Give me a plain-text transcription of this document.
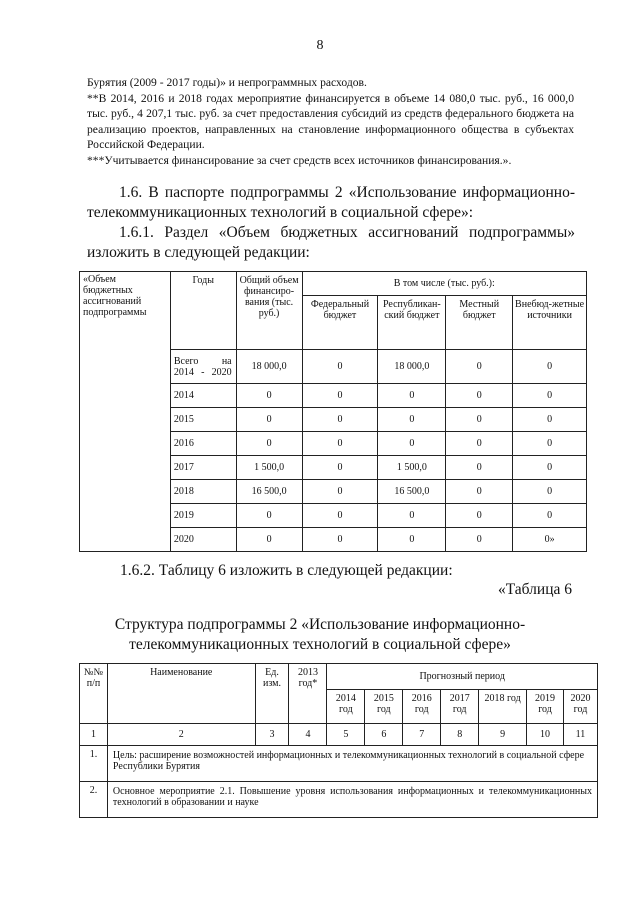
8

Бурятия (2009 - 2017 годы)» и непрограммных расходов.

**В 2014, 2016 и 2018 годах мероприятие финансируется в объеме 14 080,0 тыс. руб., 16 000,0 тыс. руб., 4 207,1 тыс. руб. за счет предоставления субсидий из средств федерального бюджета на реализацию проектов, направленных на становление информационного общества в субъектах Российской Федерации.

***Учитывается финансирование за счет средств всех источников финансирования.».

1.6. В паспорте подпрограммы 2 «Использование информационно-телекоммуникационных технологий в социальной сфере»:
1.6.1. Раздел «Объем бюджетных ассигнований подпрограммы» изложить в следующей редакции:
«Объем бюджетных ассигнований подпрограммы	Годы	Общий объем финансиро-вания (тыс. руб.)	В том числе (тыс. руб.):			
			Федеральный бюджет	Республикан-ский бюджет	Местный бюджет	Внебюд-жетные источники

	Всего на 2014 - 2020	18 000,0	0	18 000,0	0	0
	2014	0	0	0	0	0
	2015	0	0	0	0	0
	2016	0	0	0	0	0
	2017	1 500,0	0	1 500,0	0	0
	2018	16 500,0	0	16 500,0	0	0
	2019	0	0	0	0	0
	2020	0	0	0	0	0»
1.6.2. Таблицу 6 изложить в следующей редакции:
«Таблица 6
Структура подпрограммы 2 «Использование информационно-телекоммуникационных технологий в социальной сфере»
№№ п/п	Наименование	Ед. изм.	2013 год*	Прогнозный период						
				2014 год	2015 год	2016 год	2017 год	2018 год	2019 год	2020 год
1	2	3	4	5	6	7	8	9	10	11
1.	Цель: расширение возможностей информационных и телекоммуникационных технологий в социальной сфере Республики Бурятия									
2.	Основное мероприятие 2.1. Повышение уровня использования информационных и телекоммуникационных технологий в образовании и науке									
